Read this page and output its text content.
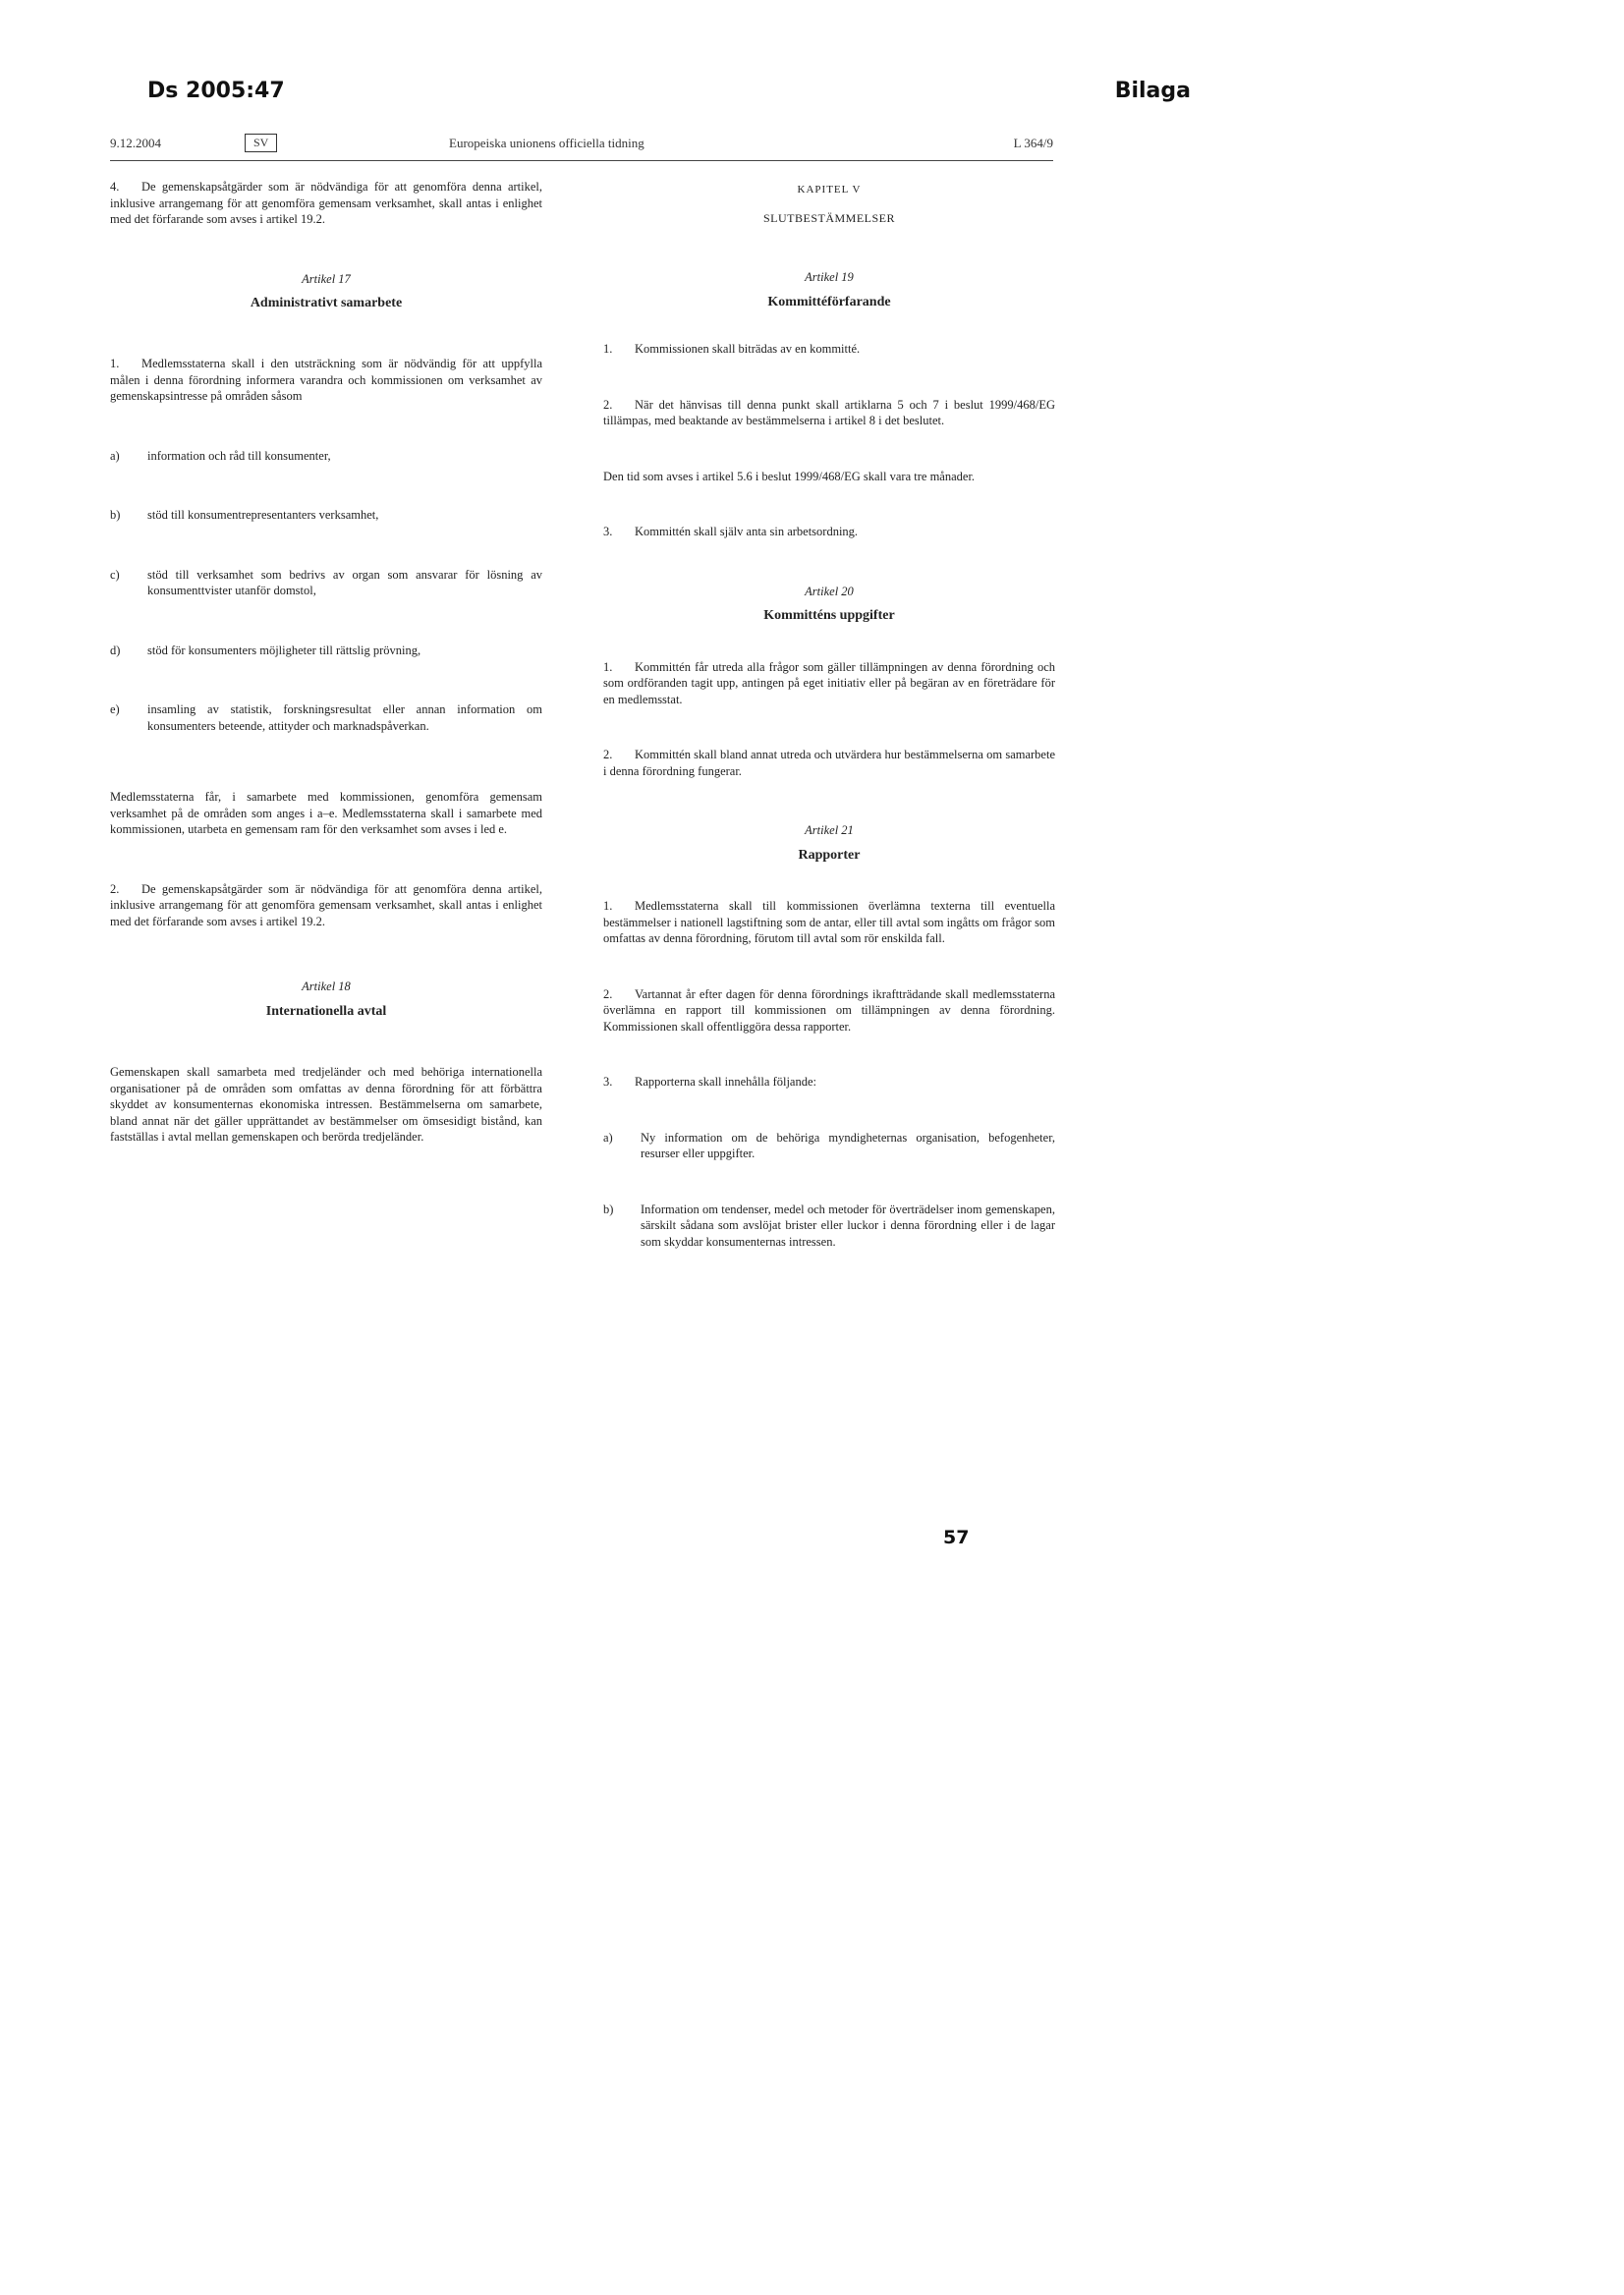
Ds 2005:47	Bilaga
9.12.2004	SV	Europeiska unionens officiella tidning	L 364/9

4. De gemenskapsåtgärder som är nödvändiga för att genomföra denna artikel, inklusive arrangemang för att genomföra gemensam verksamhet, skall antas i enlighet med det förfarande som avses i artikel 19.2.

Artikel 17
Administrativt samarbete

1. Medlemsstaterna skall i den utsträckning som är nödvändig för att uppfylla målen i denna förordning informera varandra och kommissionen om verksamhet av gemenskapsintresse på områden såsom

a)	information och råd till konsumenter,
b)	stöd till konsumentrepresentanters verksamhet,
c)	stöd till verksamhet som bedrivs av organ som ansvarar för lösning av konsumenttvister utanför domstol,
d)	stöd för konsumenters möjligheter till rättslig prövning,
e)	insamling av statistik, forskningsresultat eller annan information om konsumenters beteende, attityder och marknadspåverkan.

Medlemsstaterna får, i samarbete med kommissionen, genomföra gemensam verksamhet på de områden som anges i a–e. Medlemsstaterna skall i samarbete med kommissionen, utarbeta en gemensam ram för den verksamhet som avses i led e.

2. De gemenskapsåtgärder som är nödvändiga för att genomföra denna artikel, inklusive arrangemang för att genomföra gemensam verksamhet, skall antas i enlighet med det förfarande som avses i artikel 19.2.

Artikel 18
Internationella avtal

Gemenskapen skall samarbeta med tredjeländer och med behöriga internationella organisationer på de områden som omfattas av denna förordning för att förbättra skyddet av konsumenternas ekonomiska intressen. Bestämmelserna om samarbete, bland annat när det gäller upprättandet av bestämmelser om ömsesidigt bistånd, kan fastställas i avtal mellan gemenskapen och berörda tredjeländer.

KAPITEL V
SLUTBESTÄMMELSER
Artikel 19
Kommittéförfarande

1. Kommissionen skall biträdas av en kommitté.

2. När det hänvisas till denna punkt skall artiklarna 5 och 7 i beslut 1999/468/EG tillämpas, med beaktande av bestämmelserna i artikel 8 i det beslutet.

Den tid som avses i artikel 5.6 i beslut 1999/468/EG skall vara tre månader.

3. Kommittén skall själv anta sin arbetsordning.

Artikel 20
Kommitténs uppgifter

1. Kommittén får utreda alla frågor som gäller tillämpningen av denna förordning och som ordföranden tagit upp, antingen på eget initiativ eller på begäran av en företrädare för en medlemsstat.

2. Kommittén skall bland annat utreda och utvärdera hur bestämmelserna om samarbete i denna förordning fungerar.

Artikel 21
Rapporter

1. Medlemsstaterna skall till kommissionen överlämna texterna till eventuella bestämmelser i nationell lagstiftning som de antar, eller till avtal som ingåtts om frågor som omfattas av denna förordning, förutom till avtal som rör enskilda fall.

2. Vartannat år efter dagen för denna förordnings ikraftträdande skall medlemsstaterna överlämna en rapport till kommissionen om tillämpningen av denna förordning. Kommissionen skall offentliggöra dessa rapporter.

3. Rapporterna skall innehålla följande:

a)	Ny information om de behöriga myndigheternas organisation, befogenheter, resurser eller uppgifter.
b)	Information om tendenser, medel och metoder för överträdelser inom gemenskapen, särskilt sådana som avslöjat brister eller luckor i denna förordning eller i de lagar som skyddar konsumenternas intressen.
57
